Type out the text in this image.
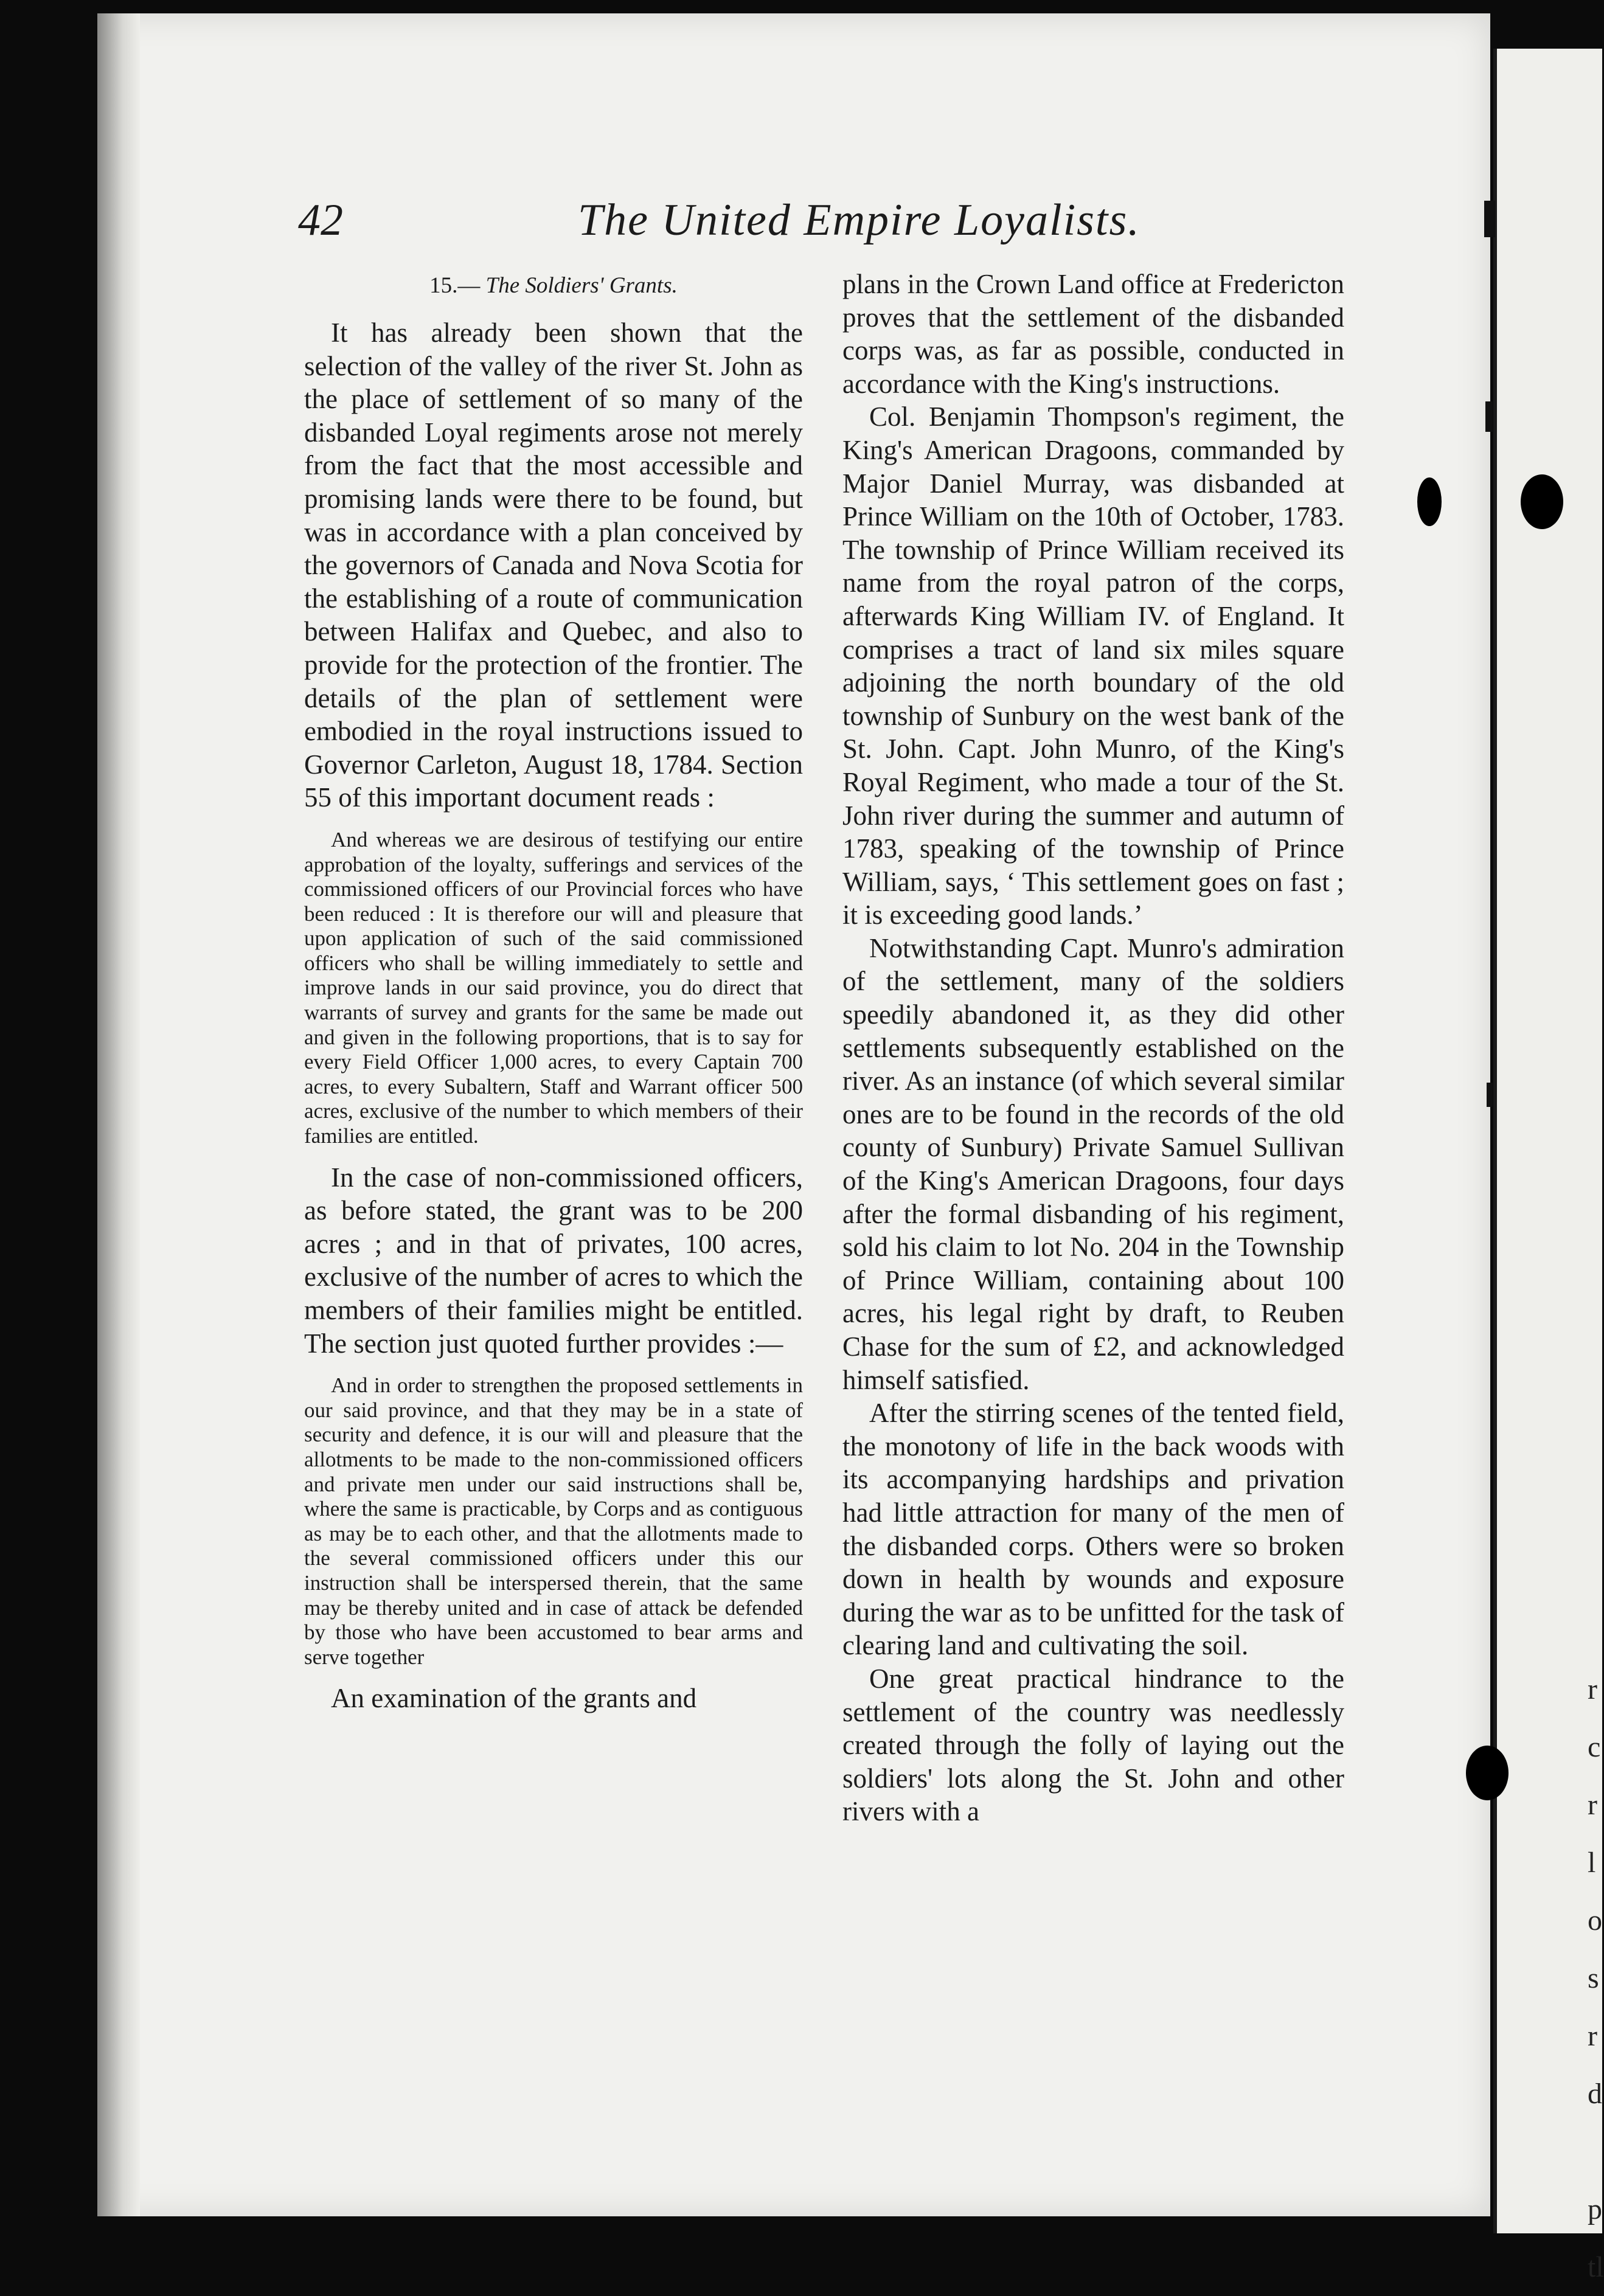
r
c
r
l
o
s
r
d
p
tl
42	The United Empire Loyalists.
15.— The Soldiers' Grants.

It has already been shown that the selection of the valley of the river St. John as the place of settlement of so many of the disbanded Loyal regiments arose not merely from the fact that the most accessible and promising lands were there to be found, but was in accordance with a plan conceived by the governors of Canada and Nova Scotia for the establishing of a route of communication between Halifax and Quebec, and also to provide for the protection of the frontier. The details of the plan of settlement were embodied in the royal instructions issued to Governor Carleton, August 18, 1784. Section 55 of this important document reads :

And whereas we are desirous of testifying our entire approbation of the loyalty, sufferings and services of the commissioned officers of our Provincial forces who have been reduced : It is therefore our will and pleasure that upon application of such of the said commissioned officers who shall be willing immediately to settle and improve lands in our said province, you do direct that warrants of survey and grants for the same be made out and given in the following proportions, that is to say for every Field Officer 1,000 acres, to every Captain 700 acres, to every Subaltern, Staff and Warrant officer 500 acres, exclusive of the number to which members of their families are entitled.

In the case of non-commissioned officers, as before stated, the grant was to be 200 acres ; and in that of privates, 100 acres, exclusive of the number of acres to which the members of their families might be entitled. The section just quoted further provides :—

And in order to strengthen the proposed settlements in our said province, and that they may be in a state of security and defence, it is our will and pleasure that the allotments to be made to the non-commissioned officers and private men under our said instructions shall be, where the same is practicable, by Corps and as contiguous as may be to each other, and that the allotments made to the several commissioned officers under this our instruction shall be interspersed therein, that the same may be thereby united and in case of attack be defended by those who have been accustomed to bear arms and serve together

An examination of the grants and

plans in the Crown Land office at Fredericton proves that the settlement of the disbanded corps was, as far as possible, conducted in accordance with the King's instructions.

Col. Benjamin Thompson's regiment, the King's American Dragoons, commanded by Major Daniel Murray, was disbanded at Prince William on the 10th of October, 1783. The township of Prince William received its name from the royal patron of the corps, afterwards King William IV. of England. It comprises a tract of land six miles square adjoining the north boundary of the old township of Sunbury on the west bank of the St. John. Capt. John Munro, of the King's Royal Regiment, who made a tour of the St. John river during the summer and autumn of 1783, speaking of the township of Prince William, says, ‘ This settlement goes on fast ; it is exceeding good lands.’

Notwithstanding Capt. Munro's admiration of the settlement, many of the soldiers speedily abandoned it, as they did other settlements subsequently established on the river. As an instance (of which several similar ones are to be found in the records of the old county of Sunbury) Private Samuel Sullivan of the King's American Dragoons, four days after the formal disbanding of his regiment, sold his claim to lot No. 204 in the Township of Prince William, containing about 100 acres, his legal right by draft, to Reuben Chase for the sum of £2, and acknowledged himself satisfied.

After the stirring scenes of the tented field, the monotony of life in the back woods with its accompanying hardships and privation had little attraction for many of the men of the disbanded corps. Others were so broken down in health by wounds and exposure during the war as to be unfitted for the task of clearing land and cultivating the soil.

One great practical hindrance to the settlement of the country was needlessly created through the folly of laying out the soldiers' lots along the St. John and other rivers with a
